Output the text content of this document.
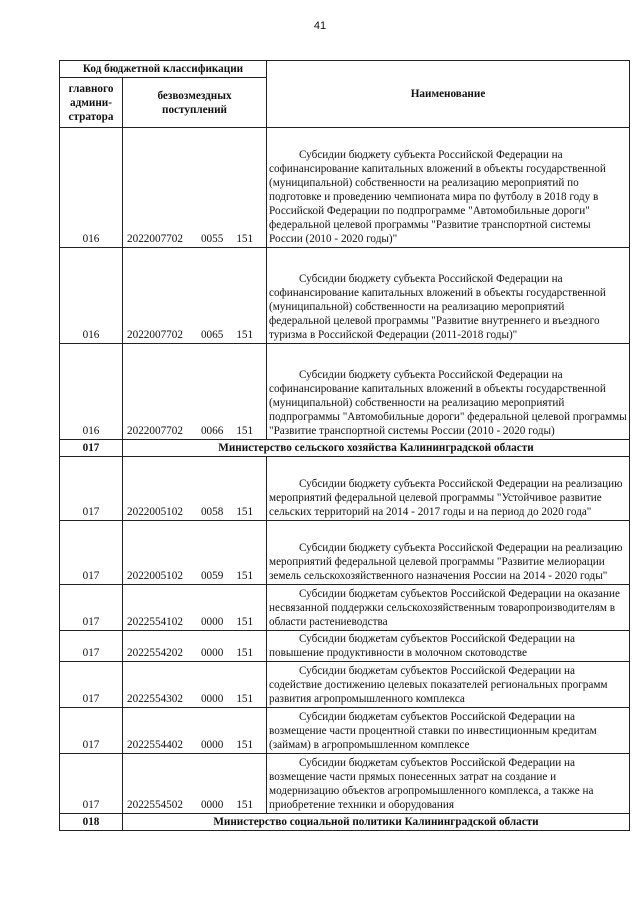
41
Код бюджетной классификации		Наименование
главного админи-стратора	безвозмездных поступлений	
016	2022007702 0055 151	Субсидии бюджету субъекта Российской Федерации на софинансирование капитальных вложений в объекты государственной (муниципальной) собственности на реализацию мероприятий по подготовке и проведению чемпионата мира по футболу в 2018 году в Российской Федерации по подпрограмме "Автомобильные дороги" федеральной целевой программы "Развитие транспортной системы России (2010 - 2020 годы)"
016	2022007702 0065 151	Субсидии бюджету субъекта Российской Федерации на софинансирование капитальных вложений в объекты государственной (муниципальной) собственности на реализацию мероприятий федеральной целевой программы "Развитие внутреннего и въездного туризма в Российской Федерации (2011-2018 годы)"
016	2022007702 0066 151	Субсидии бюджету субъекта Российской Федерации на софинансирование капитальных вложений в объекты государственной (муниципальной) собственности на реализацию мероприятий подпрограммы "Автомобильные дороги" федеральной целевой программы "Развитие транспортной системы России (2010 - 2020 годы)
017	Министерство сельского хозяйства Калининградской области	
017	2022005102 0058 151	Субсидии бюджету субъекта Российской Федерации на реализацию мероприятий федеральной целевой программы "Устойчивое развитие сельских территорий на 2014 - 2017 годы и на период до 2020 года"
017	2022005102 0059 151	Субсидии бюджету субъекта Российской Федерации на реализацию мероприятий федеральной целевой программы "Развитие мелиорации земель сельскохозяйственного назначения России на 2014 - 2020 годы"
017	2022554102 0000 151	Субсидии бюджетам субъектов Российской Федерации на оказание несвязанной поддержки сельскохозяйственным товаропроизводителям в области растениеводства
017	2022554202 0000 151	Субсидии бюджетам субъектов Российской Федерации на повышение продуктивности в молочном скотоводстве
017	2022554302 0000 151	Субсидии бюджетам субъектов Российской Федерации на содействие достижению целевых показателей региональных программ развития агропромышленного комплекса
017	2022554402 0000 151	Субсидии бюджетам субъектов Российской Федерации на возмещение части процентной ставки по инвестиционным кредитам (займам) в агропромышленном комплексе
017	2022554502 0000 151	Субсидии бюджетам субъектов Российской Федерации на возмещение части прямых понесенных затрат на создание и модернизацию объектов агропромышленного комплекса, а также на приобретение техники и оборудования
018	Министерство социальной политики Калининградской области	
